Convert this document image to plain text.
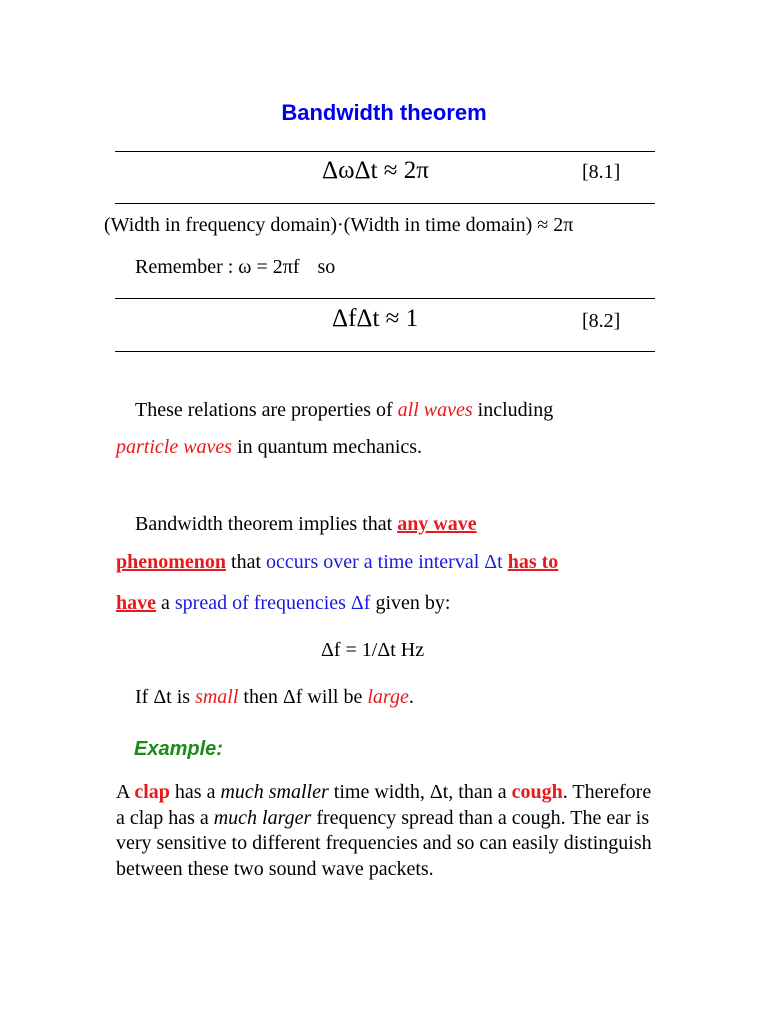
Bandwidth theorem
ΔωΔt ≈ 2π	[8.1]
(Width in frequency domain)·(Width in time domain) ≈ 2π
Remember : ω = 2πf so
ΔfΔt ≈ 1	[8.2]
These relations are properties of all waves including
particle waves in quantum mechanics.
Bandwidth theorem implies that any wave
phenomenon that occurs over a time interval Δt has to
have a spread of frequencies Δf given by:
Δf = 1/Δt Hz
If Δt is small then Δf will be large.
Example:
A clap has a much smaller time width, Δt, than a cough. Therefore a clap has a much larger frequency spread than a cough. The ear is very sensitive to different frequencies and so can easily distinguish between these two sound wave packets.
